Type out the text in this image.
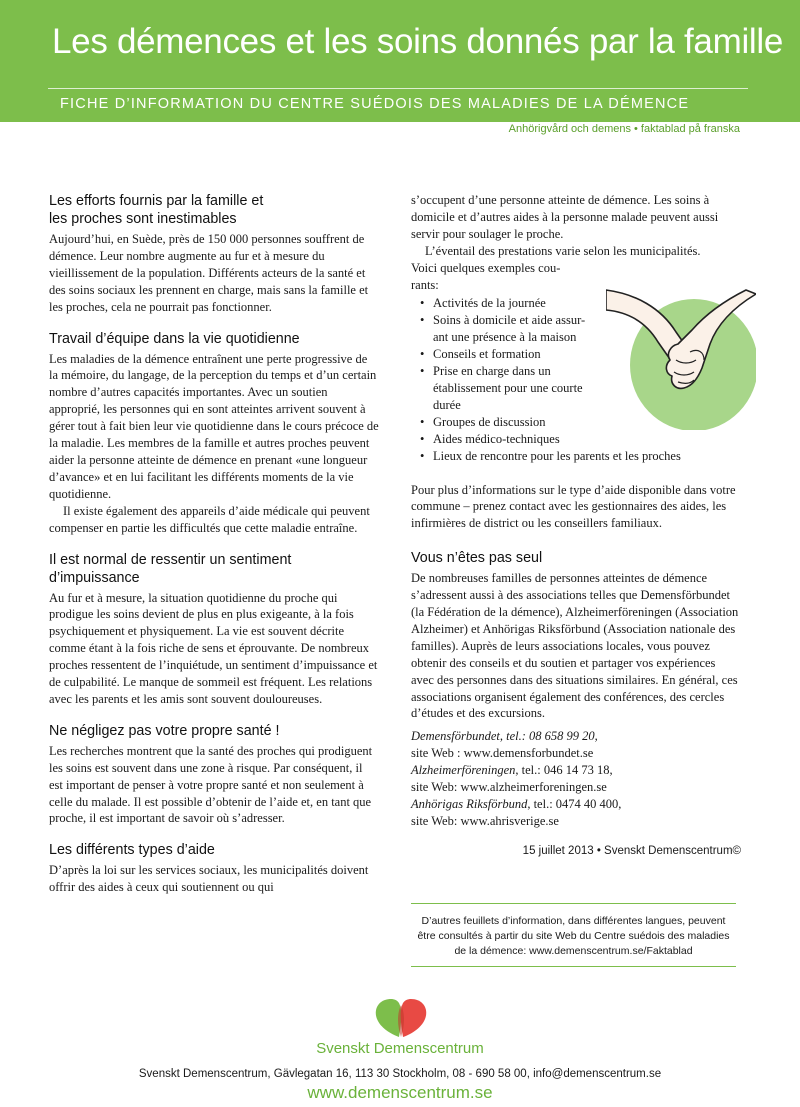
Les démences et les soins donnés par la famille
FICHE D’INFORMATION DU CENTRE SUÉDOIS DES MALADIES DE LA DÉMENCE
Anhörigvård och demens • faktablad på franska
Les efforts fournis par la famille et
les proches sont inestimables

Aujourd’hui, en Suède, près de 150 000 personnes souffrent de démence. Leur nombre augmente au fur et à mesure du vieillissement de la population. Différents acteurs de la santé et des soins sociaux les prennent en charge, mais sans la famille et les proches, cela ne pourrait pas fonctionner.

Travail d’équipe dans la vie quotidienne

Les maladies de la démence entraînent une perte progressive de la mémoire, du langage, de la perception du temps et d’un certain nombre d’autres capacités importantes. Avec un soutien approprié, les personnes qui en sont atteintes arrivent souvent à gérer tout à fait bien leur vie quotidienne dans le cours précoce de la maladie. Les membres de la famille et autres proches peuvent aider la personne atteinte de démence en prenant «une longueur d’avance» et en lui facilitant les différents moments de la vie quotidienne.

Il existe également des appareils d’aide médicale qui peuvent compenser en partie les difficultés que cette maladie entraîne.

Il est normal de ressentir un sentiment d’impuissance

Au fur et à mesure, la situation quotidienne du proche qui prodigue les soins devient de plus en plus exigeante, à la fois psychiquement et physiquement. La vie est souvent décrite comme étant à la fois riche de sens et éprouvante. De nombreux proches ressentent de l’inquiétude, un sentiment d’impuissance et de culpabilité. Le manque de sommeil est fréquent. Les relations avec les parents et les amis sont souvent douloureuses.

Ne négligez pas votre propre santé !

Les recherches montrent que la santé des proches qui prodiguent les soins est souvent dans une zone à risque. Par conséquent, il est important de penser à votre propre santé et non seulement à celle du malade. Il est possible d’obtenir de l’aide et, en tant que proche, il est important de savoir où s’adresser.

Les différents types d’aide

D’après la loi sur les services sociaux, les municipalités doivent offrir des aides à ceux qui soutiennent ou qui

s’occupent d’une personne atteinte de démence. Les soins à domicile et d’autres aides à la personne malade peuvent aussi servir pour soulager le proche.

L’éventail des prestations varie selon les municipalités.

Voici quelques exemples cou-
rants:

• Activités de la journée
• Soins à domicile et aide assur-
ant une présence à la maison
• Conseils et formation
• Prise en charge dans un
établissement pour une courte
durée
• Groupes de discussion
• Aides médico-techniques
• Lieux de rencontre pour les parents et les proches

Pour plus d’informations sur le type d’aide disponible dans votre commune – prenez contact avec les gestionnaires des aides, les infirmières de district ou les conseillers familiaux.

Vous n’êtes pas seul

De nombreuses familles de personnes atteintes de démence s’adressent aussi à des associations telles que Demensförbundet (la Fédération de la démence), Alzheimerföreningen (Association Alzheimer) et Anhörigas Riksförbund (Association nationale des familles). Auprès de leurs associations locales, vous pouvez obtenir des conseils et du soutien et partager vos expériences avec des personnes dans des situations similaires. En général, ces associations organisent également des conférences, des cercles d’études et des excursions.

Demensförbundet, tel.: 08 658 99 20,
site Web : www.demensforbundet.se
Alzheimerföreningen, tel.: 046 14 73 18,
site Web: www.alzheimerforeningen.se
Anhörigas Riksförbund, tel.: 0474 40 400,
site Web: www.ahrisverige.se
15 juillet 2013 • Svenskt Demenscentrum©
D’autres feuillets d’information, dans différentes langues, peuvent être consultés à partir du site Web du Centre suédois des maladies de la démence: www.demenscentrum.se/Faktablad
Svenskt Demenscentrum
Svenskt Demenscentrum, Gävlegatan 16, 113 30 Stockholm, 08 - 690 58 00, info@demenscentrum.se
www.demenscentrum.se
